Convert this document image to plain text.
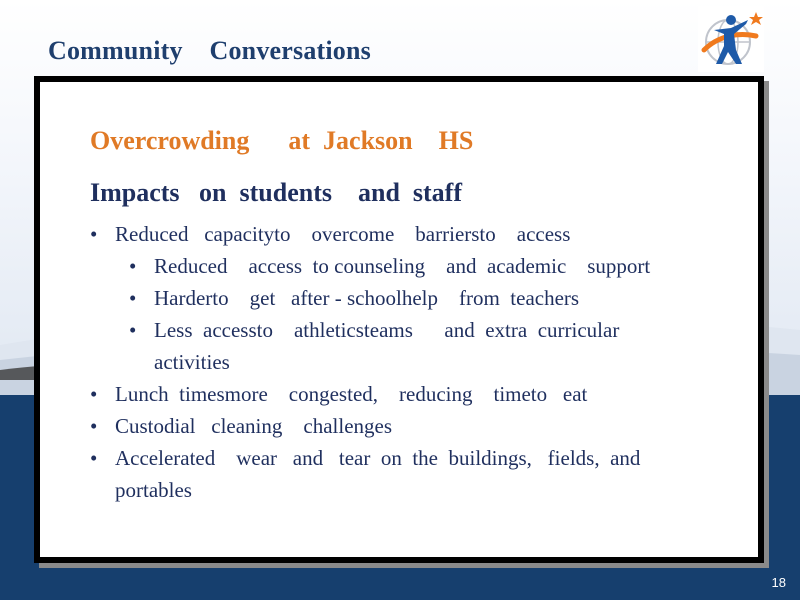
Community    Conversations
Overcrowding      at  Jackson    HS
Impacts   on  students    and  staff
• Reduced   capacityto    overcome    barriersto    access
• Reduced    access  to counseling    and  academic    support
• Harderto    get   after - schoolhelp    from  teachers
• Less  accessto    athleticsteams      and  extra  curricular
activities
• Lunch  timesmore    congested,    reducing    timeto   eat
• Custodial   cleaning    challenges
• Accelerated    wear   and   tear  on  the  buildings,   fields,  and
portables
18
